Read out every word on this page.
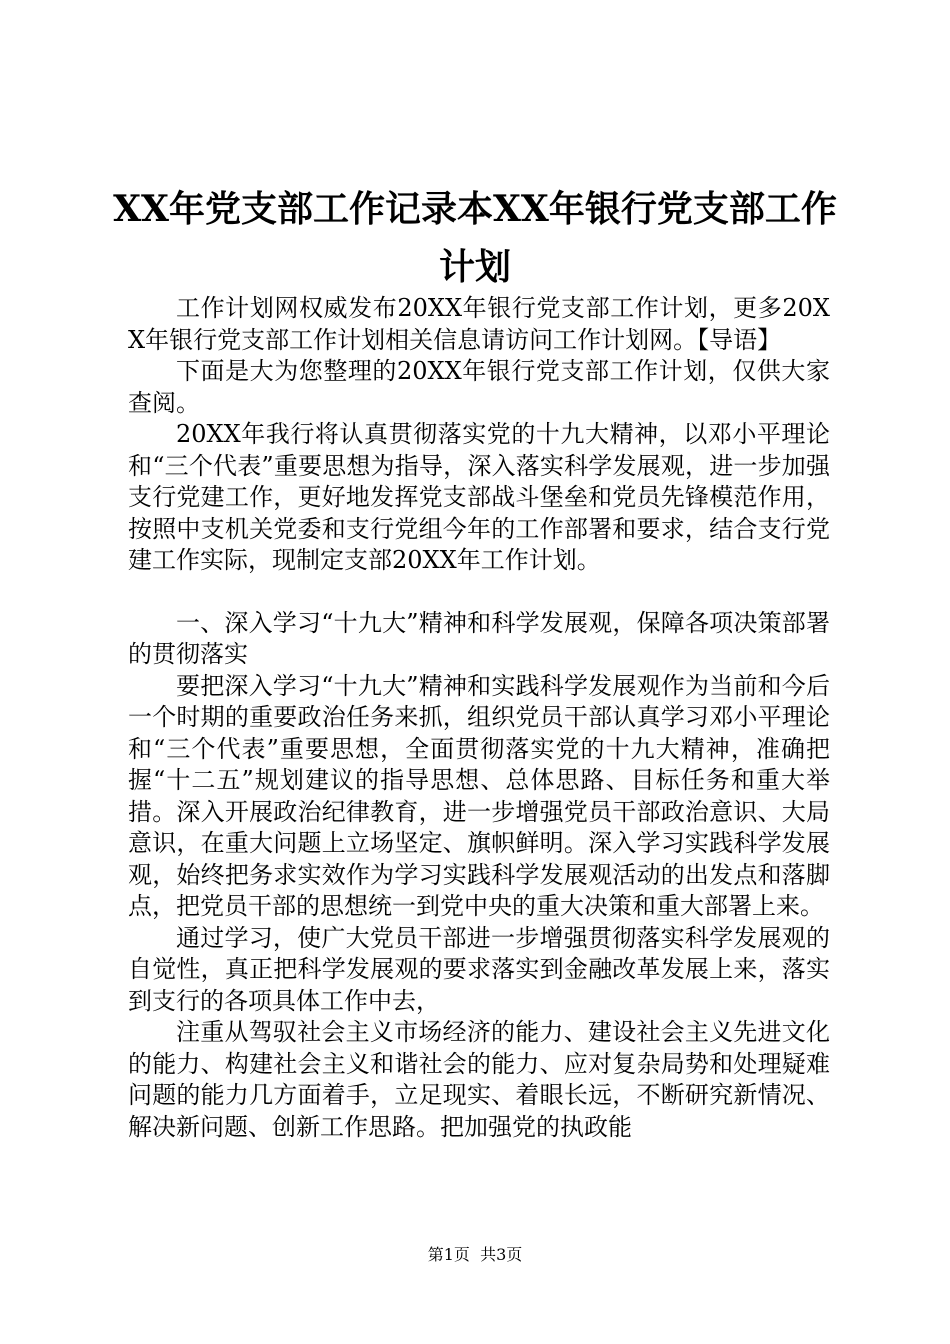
XX年党支部工作记录本XX年银行党支部工作
计划

工作计划网权威发布20XX年银行党支部工作计划，更多20XX年银行党支部工作计划相关信息请访问工作计划网。【导语】

下面是大为您整理的20XX年银行党支部工作计划，仅供大家查阅。

20XX年我行将认真贯彻落实党的十九大精神，以邓小平理论和“三个代表”重要思想为指导，深入落实科学发展观，进一步加强支行党建工作，更好地发挥党支部战斗堡垒和党员先锋模范作用，按照中支机关党委和支行党组今年的工作部署和要求，结合支行党建工作实际，现制定支部20XX年工作计划。

一、深入学习“十九大”精神和科学发展观，保障各项决策部署的贯彻落实

要把深入学习“十九大”精神和实践科学发展观作为当前和今后一个时期的重要政治任务来抓，组织党员干部认真学习邓小平理论和“三个代表”重要思想，全面贯彻落实党的十九大精神，准确把握“十二五”规划建议的指导思想、总体思路、目标任务和重大举措。深入开展政治纪律教育，进一步增强党员干部政治意识、大局意识，在重大问题上立场坚定、旗帜鲜明。深入学习实践科学发展观，始终把务求实效作为学习实践科学发展观活动的出发点和落脚点，把党员干部的思想统一到党中央的重大决策和重大部署上来。

通过学习，使广大党员干部进一步增强贯彻落实科学发展观的自觉性，真正把科学发展观的要求落实到金融改革发展上来，落实到支行的各项具体工作中去，

注重从驾驭社会主义市场经济的能力、建设社会主义先进文化的能力、构建社会主义和谐社会的能力、应对复杂局势和处理疑难问题的能力几方面着手，立足现实、着眼长远，不断研究新情况、解决新问题、创新工作思路。把加强党的执政能

第1页  共3页
